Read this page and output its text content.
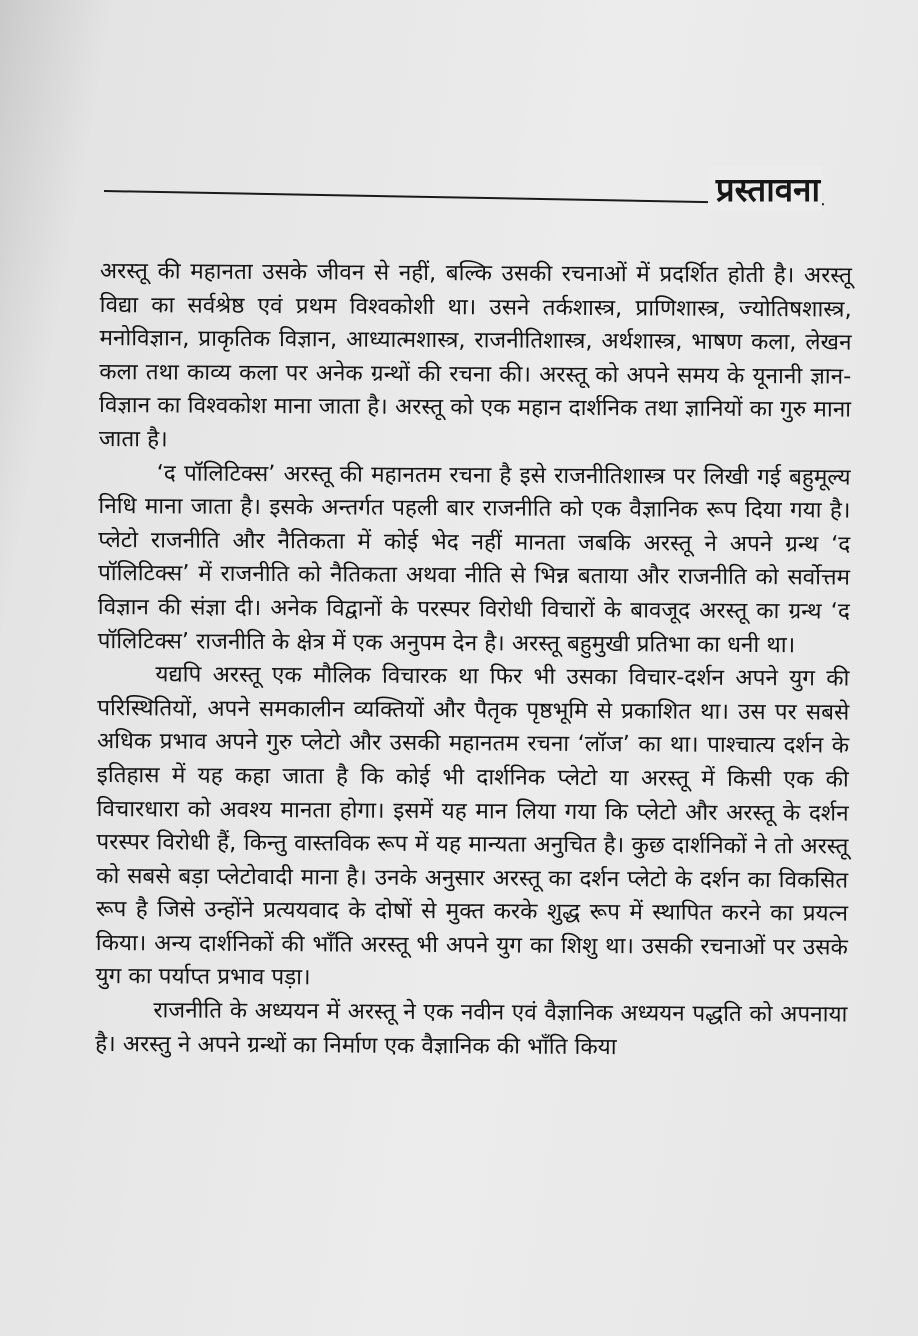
प्रस्तावना

अरस्तू की महानता उसके जीवन से नहीं, बल्कि उसकी रचनाओं में प्रदर्शित होती है। अरस्तू विद्या का सर्वश्रेष्ठ एवं प्रथम विश्वकोशी था। उसने तर्कशास्त्र, प्राणिशास्त्र, ज्योतिषशास्त्र, मनोविज्ञान, प्राकृतिक विज्ञान, आध्यात्मशास्त्र, राजनीतिशास्त्र, अर्थशास्त्र, भाषण कला, लेखन कला तथा काव्य कला पर अनेक ग्रन्थों की रचना की। अरस्तू को अपने समय के यूनानी ज्ञान-विज्ञान का विश्वकोश माना जाता है। अरस्तू को एक महान दार्शनिक तथा ज्ञानियों का गुरु माना जाता है।

‘द पॉलिटिक्स’ अरस्तू की महानतम रचना है इसे राजनीतिशास्त्र पर लिखी गई बहुमूल्य निधि माना जाता है। इसके अन्तर्गत पहली बार राजनीति को एक वैज्ञानिक रूप दिया गया है। प्लेटो राजनीति और नैतिकता में कोई भेद नहीं मानता जबकि अरस्तू ने अपने ग्रन्थ ‘द पॉलिटिक्स’ में राजनीति को नैतिकता अथवा नीति से भिन्न बताया और राजनीति को सर्वोत्तम विज्ञान की संज्ञा दी। अनेक विद्वानों के परस्पर विरोधी विचारों के बावजूद अरस्तू का ग्रन्थ ‘द पॉलिटिक्स’ राजनीति के क्षेत्र में एक अनुपम देन है। अरस्तू बहुमुखी प्रतिभा का धनी था।

यद्यपि अरस्तू एक मौलिक विचारक था फिर भी उसका विचार-दर्शन अपने युग की परिस्थितियों, अपने समकालीन व्यक्तियों और पैतृक पृष्ठभूमि से प्रकाशित था। उस पर सबसे अधिक प्रभाव अपने गुरु प्लेटो और उसकी महानतम रचना ‘लॉज’ का था। पाश्चात्य दर्शन के इतिहास में यह कहा जाता है कि कोई भी दार्शनिक प्लेटो या अरस्तू में किसी एक की विचारधारा को अवश्य मानता होगा। इसमें यह मान लिया गया कि प्लेटो और अरस्तू के दर्शन परस्पर विरोधी हैं, किन्तु वास्तविक रूप में यह मान्यता अनुचित है। कुछ दार्शनिकों ने तो अरस्तू को सबसे बड़ा प्लेटोवादी माना है। उनके अनुसार अरस्तू का दर्शन प्लेटो के दर्शन का विकसित रूप है जिसे उन्होंने प्रत्ययवाद के दोषों से मुक्त करके शुद्ध रूप में स्थापित करने का प्रयत्न किया। अन्य दार्शनिकों की भाँति अरस्तू भी अपने युग का शिशु था। उसकी रचनाओं पर उसके युग का पर्याप्त प्रभाव पड़ा।

राजनीति के अध्ययन में अरस्तू ने एक नवीन एवं वैज्ञानिक अध्ययन पद्धति को अपनाया है। अरस्तु ने अपने ग्रन्थों का निर्माण एक वैज्ञानिक की भाँति किया
